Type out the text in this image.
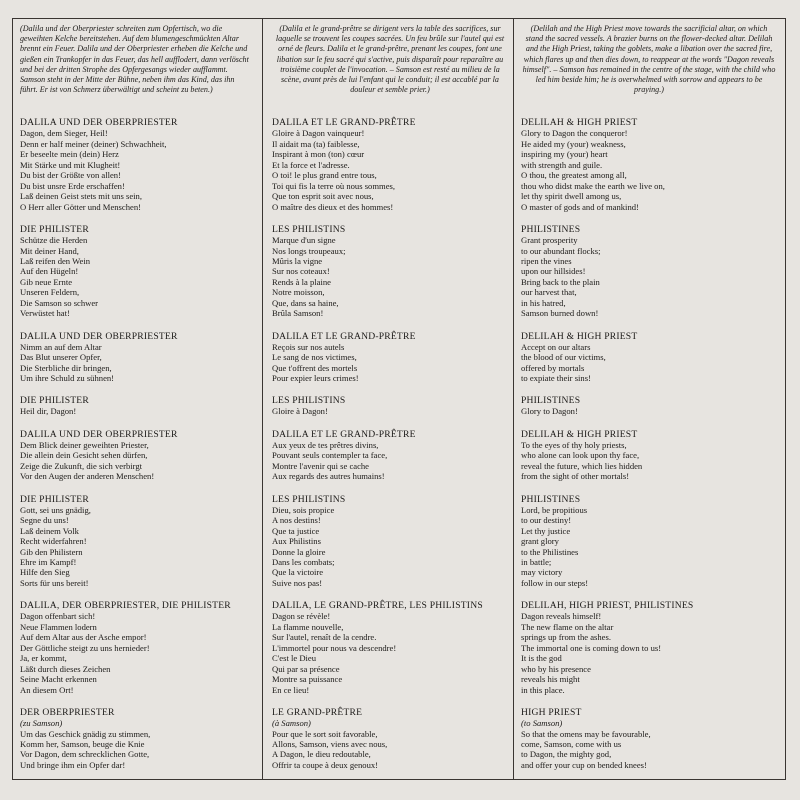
(Dalila und der Oberpriester schreiten zum Opfertisch, wo die geweihten Kelche bereitstehen. Auf dem blumengeschmückten Altar brennt ein Feuer. Dalila und der Oberpriester erheben die Kelche und gießen ein Trankopfer in das Feuer, das hell aufflodert, dann verlöscht und bei der dritten Strophe des Opfergesangs wieder aufflammt. Samson steht in der Mitte der Bühne, neben ihm das Kind, das ihn führt. Er ist von Schmerz überwältigt und scheint zu beten.)

DALILA UND DER OBERPRIESTER

Dagon, dem Sieger, Heil!
Denn er half meiner (deiner) Schwachheit,
Er beseelte mein (dein) Herz
Mit Stärke und mit Klugheit!
Du bist der Größte von allen!
Du bist unsre Erde erschaffen!
Laß deinen Geist stets mit uns sein,
O Herr aller Götter und Menschen!

DIE PHILISTER

Schütze die Herden
Mit deiner Hand,
Laß reifen den Wein
Auf den Hügeln!
Gib neue Ernte
Unseren Feldern,
Die Samson so schwer
Verwüstet hat!

DALILA UND DER OBERPRIESTER

Nimm an auf dem Altar
Das Blut unserer Opfer,
Die Sterbliche dir bringen,
Um ihre Schuld zu sühnen!

DIE PHILISTER

Heil dir, Dagon!

DALILA UND DER OBERPRIESTER

Dem Blick deiner geweihten Priester,
Die allein dein Gesicht sehen dürfen,
Zeige die Zukunft, die sich verbirgt
Vor den Augen der anderen Menschen!

DIE PHILISTER

Gott, sei uns gnädig,
Segne du uns!
Laß deinem Volk
Recht widerfahren!
Gib den Philistern
Ehre im Kampf!
Hilfe den Sieg
Sorts für uns bereit!

DALILA, DER OBERPRIESTER, DIE PHILISTER

Dagon offenbart sich!
Neue Flammen lodern
Auf dem Altar aus der Asche empor!
Der Göttliche steigt zu uns hernieder!
Ja, er kommt,
Läßt durch dieses Zeichen
Seine Macht erkennen
An diesem Ort!

DER OBERPRIESTER

(zu Samson)

Um das Geschick gnädig zu stimmen,
Komm her, Samson, beuge die Knie
Vor Dagon, dem schrecklichen Gotte,
Und bringe ihm ein Opfer dar!

(Dalila et le grand-prêtre se dirigent vers la table des sacrifices, sur laquelle se trouvent les coupes sacrées. Un feu brûle sur l'autel qui est orné de fleurs. Dalila et le grand-prêtre, prenant les coupes, font une libation sur le feu sacré qui s'active, puis disparaît pour reparaître au troisième couplet de l'invocation. – Samson est resté au milieu de la scène, avant près de lui l'enfant qui le conduit; il est accablé par la douleur et semble prier.)

DALILA ET LE GRAND-PRÊTRE

Gloire à Dagon vainqueur!
Il aidait ma (ta) faiblesse,
Inspirant à mon (ton) cœur
Et la force et l'adresse.
O toi! le plus grand entre tous,
Toi qui fis la terre où nous sommes,
Que ton esprit soit avec nous,
O maître des dieux et des hommes!

LES PHILISTINS

Marque d'un signe
Nos longs troupeaux;
Mûris la vigne
Sur nos coteaux!
Rends à la plaine
Notre moisson,
Que, dans sa haine,
Brûla Samson!

DALILA ET LE GRAND-PRÊTRE

Reçois sur nos autels
Le sang de nos victimes,
Que t'offrent des mortels
Pour expier leurs crimes!

LES PHILISTINS

Gloire à Dagon!

DALILA ET LE GRAND-PRÊTRE

Aux yeux de tes prêtres divins,
Pouvant seuls contempler ta face,
Montre l'avenir qui se cache
Aux regards des autres humains!

LES PHILISTINS

Dieu, sois propice
A nos destins!
Que ta justice
Aux Philistins
Donne la gloire
Dans les combats;
Que la victoire
Suive nos pas!

DALILA, LE GRAND-PRÊTRE, LES PHILISTINS

Dagon se révèle!
La flamme nouvelle,
Sur l'autel, renaît de la cendre.
L'immortel pour nous va descendre!
C'est le Dieu
Qui par sa présence
Montre sa puissance
En ce lieu!

LE GRAND-PRÊTRE

(à Samson)

Pour que le sort soit favorable,
Allons, Samson, viens avec nous,
A Dagon, le dieu redoutable,
Offrir ta coupe à deux genoux!

(Delilah and the High Priest move towards the sacrificial altar, on which stand the sacred vessels. A brazier burns on the flower-decked altar. Delilah and the High Priest, taking the goblets, make a libation over the sacred fire, which flares up and then dies down, to reappear at the words "Dagon reveals himself". – Samson has remained in the centre of the stage, with the child who led him beside him; he is overwhelmed with sorrow and appears to be praying.)

DELILAH & HIGH PRIEST

Glory to Dagon the conqueror!
He aided my (your) weakness,
inspiring my (your) heart
with strength and guile.
O thou, the greatest among all,
thou who didst make the earth we live on,
let thy spirit dwell among us,
O master of gods and of mankind!

PHILISTINES

Grant prosperity
to our abundant flocks;
ripen the vines
upon our hillsides!
Bring back to the plain
our harvest that,
in his hatred,
Samson burned down!

DELILAH & HIGH PRIEST

Accept on our altars
the blood of our victims,
offered by mortals
to expiate their sins!

PHILISTINES

Glory to Dagon!

DELILAH & HIGH PRIEST

To the eyes of thy holy priests,
who alone can look upon thy face,
reveal the future, which lies hidden
from the sight of other mortals!

PHILISTINES

Lord, be propitious
to our destiny!
Let thy justice
grant glory
to the Philistines
in battle;
may victory
follow in our steps!

DELILAH, HIGH PRIEST, PHILISTINES

Dagon reveals himself!
The new flame on the altar
springs up from the ashes.
The immortal one is coming down to us!
It is the god
who by his presence
reveals his might
in this place.

HIGH PRIEST

(to Samson)

So that the omens may be favourable,
come, Samson, come with us
to Dagon, the mighty god,
and offer your cup on bended knees!
